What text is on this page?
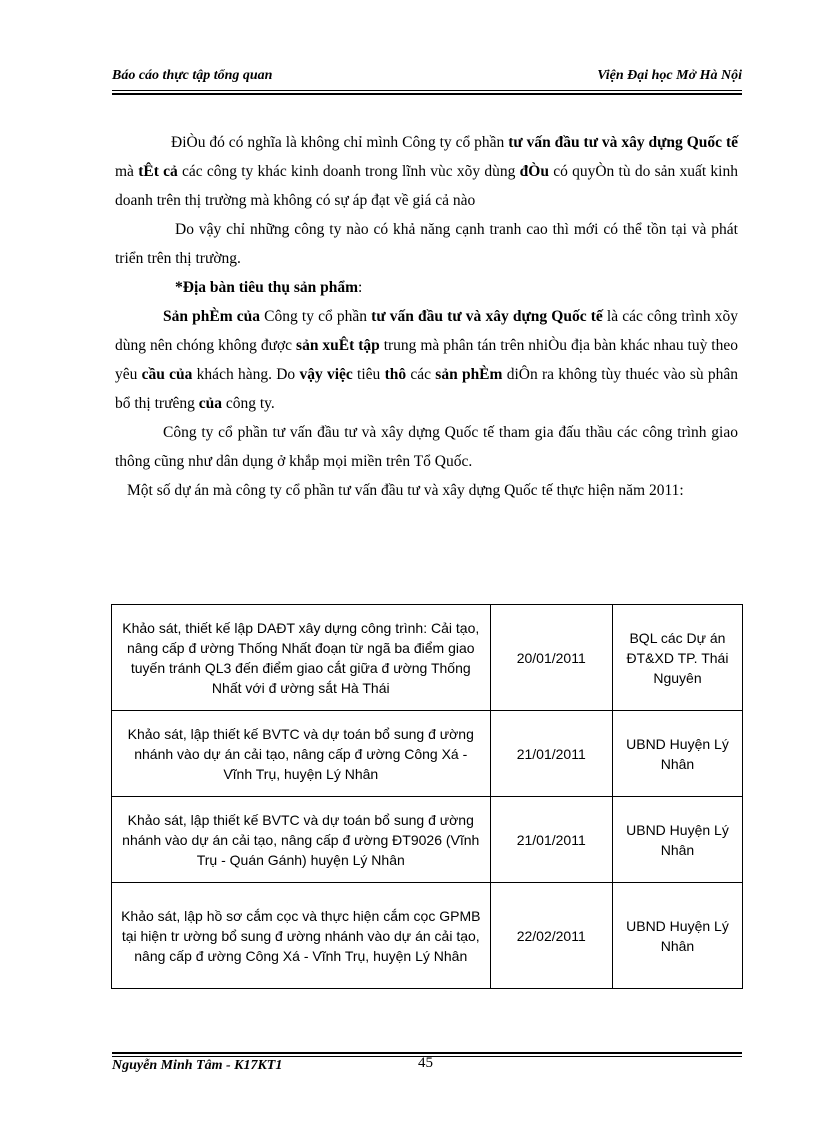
Báo cáo thực tập tổng quan	Viện Đại học Mở Hà Nội

ĐiÒu đó có nghĩa là không chỉ mình Công ty cổ phần tư vấn đầu tư và xây dựng Quốc tế mà tÊt cả các công ty khác kinh doanh trong lĩnh vùc xõy dùng đÒu có quyÒn tù do sản xuất kinh doanh trên thị trường mà không có sự áp đạt về giá cả nào

Do vậy chỉ những công ty nào có khả năng cạnh tranh cao thì mới có thể tồn tại và phát triển trên thị trường.

*Địa bàn tiêu thụ sản phẩm:

Sản phÈm của Công ty cổ phần tư vấn đầu tư và xây dựng Quốc tế là các công trình xõy dùng nên chóng không được sản xuÊt tập trung mà phân tán trên nhiÒu địa bàn khác nhau tuỳ theo yêu cầu của khách hàng. Do vậy việc tiêu thô các sản phÈm diÔn ra không tùy thuéc vào sù phân bổ thị trưêng của công ty.

Công ty cổ phần tư vấn đầu tư và xây dựng Quốc tế tham gia đấu thầu các công trình giao thông cũng như dân dụng ở khắp mọi miền trên Tổ Quốc.

Một số dự án mà công ty cổ phần tư vấn đầu tư và xây dựng Quốc tế thực hiện năm 2011:

Khảo sát, thiết kế lập DAĐT xây dựng công trình: Cải tạo, nâng cấp đ ường Thống Nhất đoạn từ ngã ba điểm giao tuyến tránh QL3 đến điểm giao cắt giữa đ ường Thống Nhất với đ ường sắt Hà Thái	20/01/2011	BQL các Dự án ĐT&XD TP. Thái Nguyên
Khảo sát, lập thiết kế BVTC và dự toán bổ sung đ ường nhánh vào dự án cải tạo, nâng cấp đ ường Công Xá - Vĩnh Trụ, huyện Lý Nhân	21/01/2011	UBND Huyện Lý Nhân
Khảo sát, lập thiết kế BVTC và dự toán bổ sung đ ường nhánh vào dự án cải tạo, nâng cấp đ ường ĐT9026 (Vĩnh Trụ - Quán Gánh) huyện Lý Nhân	21/01/2011	UBND Huyện Lý Nhân
Khảo sát, lập hồ sơ cắm cọc và thực hiện cắm cọc GPMB tại hiện tr ường bổ sung đ ường nhánh vào dự án cải tạo, nâng cấp đ ường Công Xá - Vĩnh Trụ, huyện Lý Nhân	22/02/2011	UBND Huyện Lý Nhân
Nguyễn Minh Tâm - K17KT1	45
